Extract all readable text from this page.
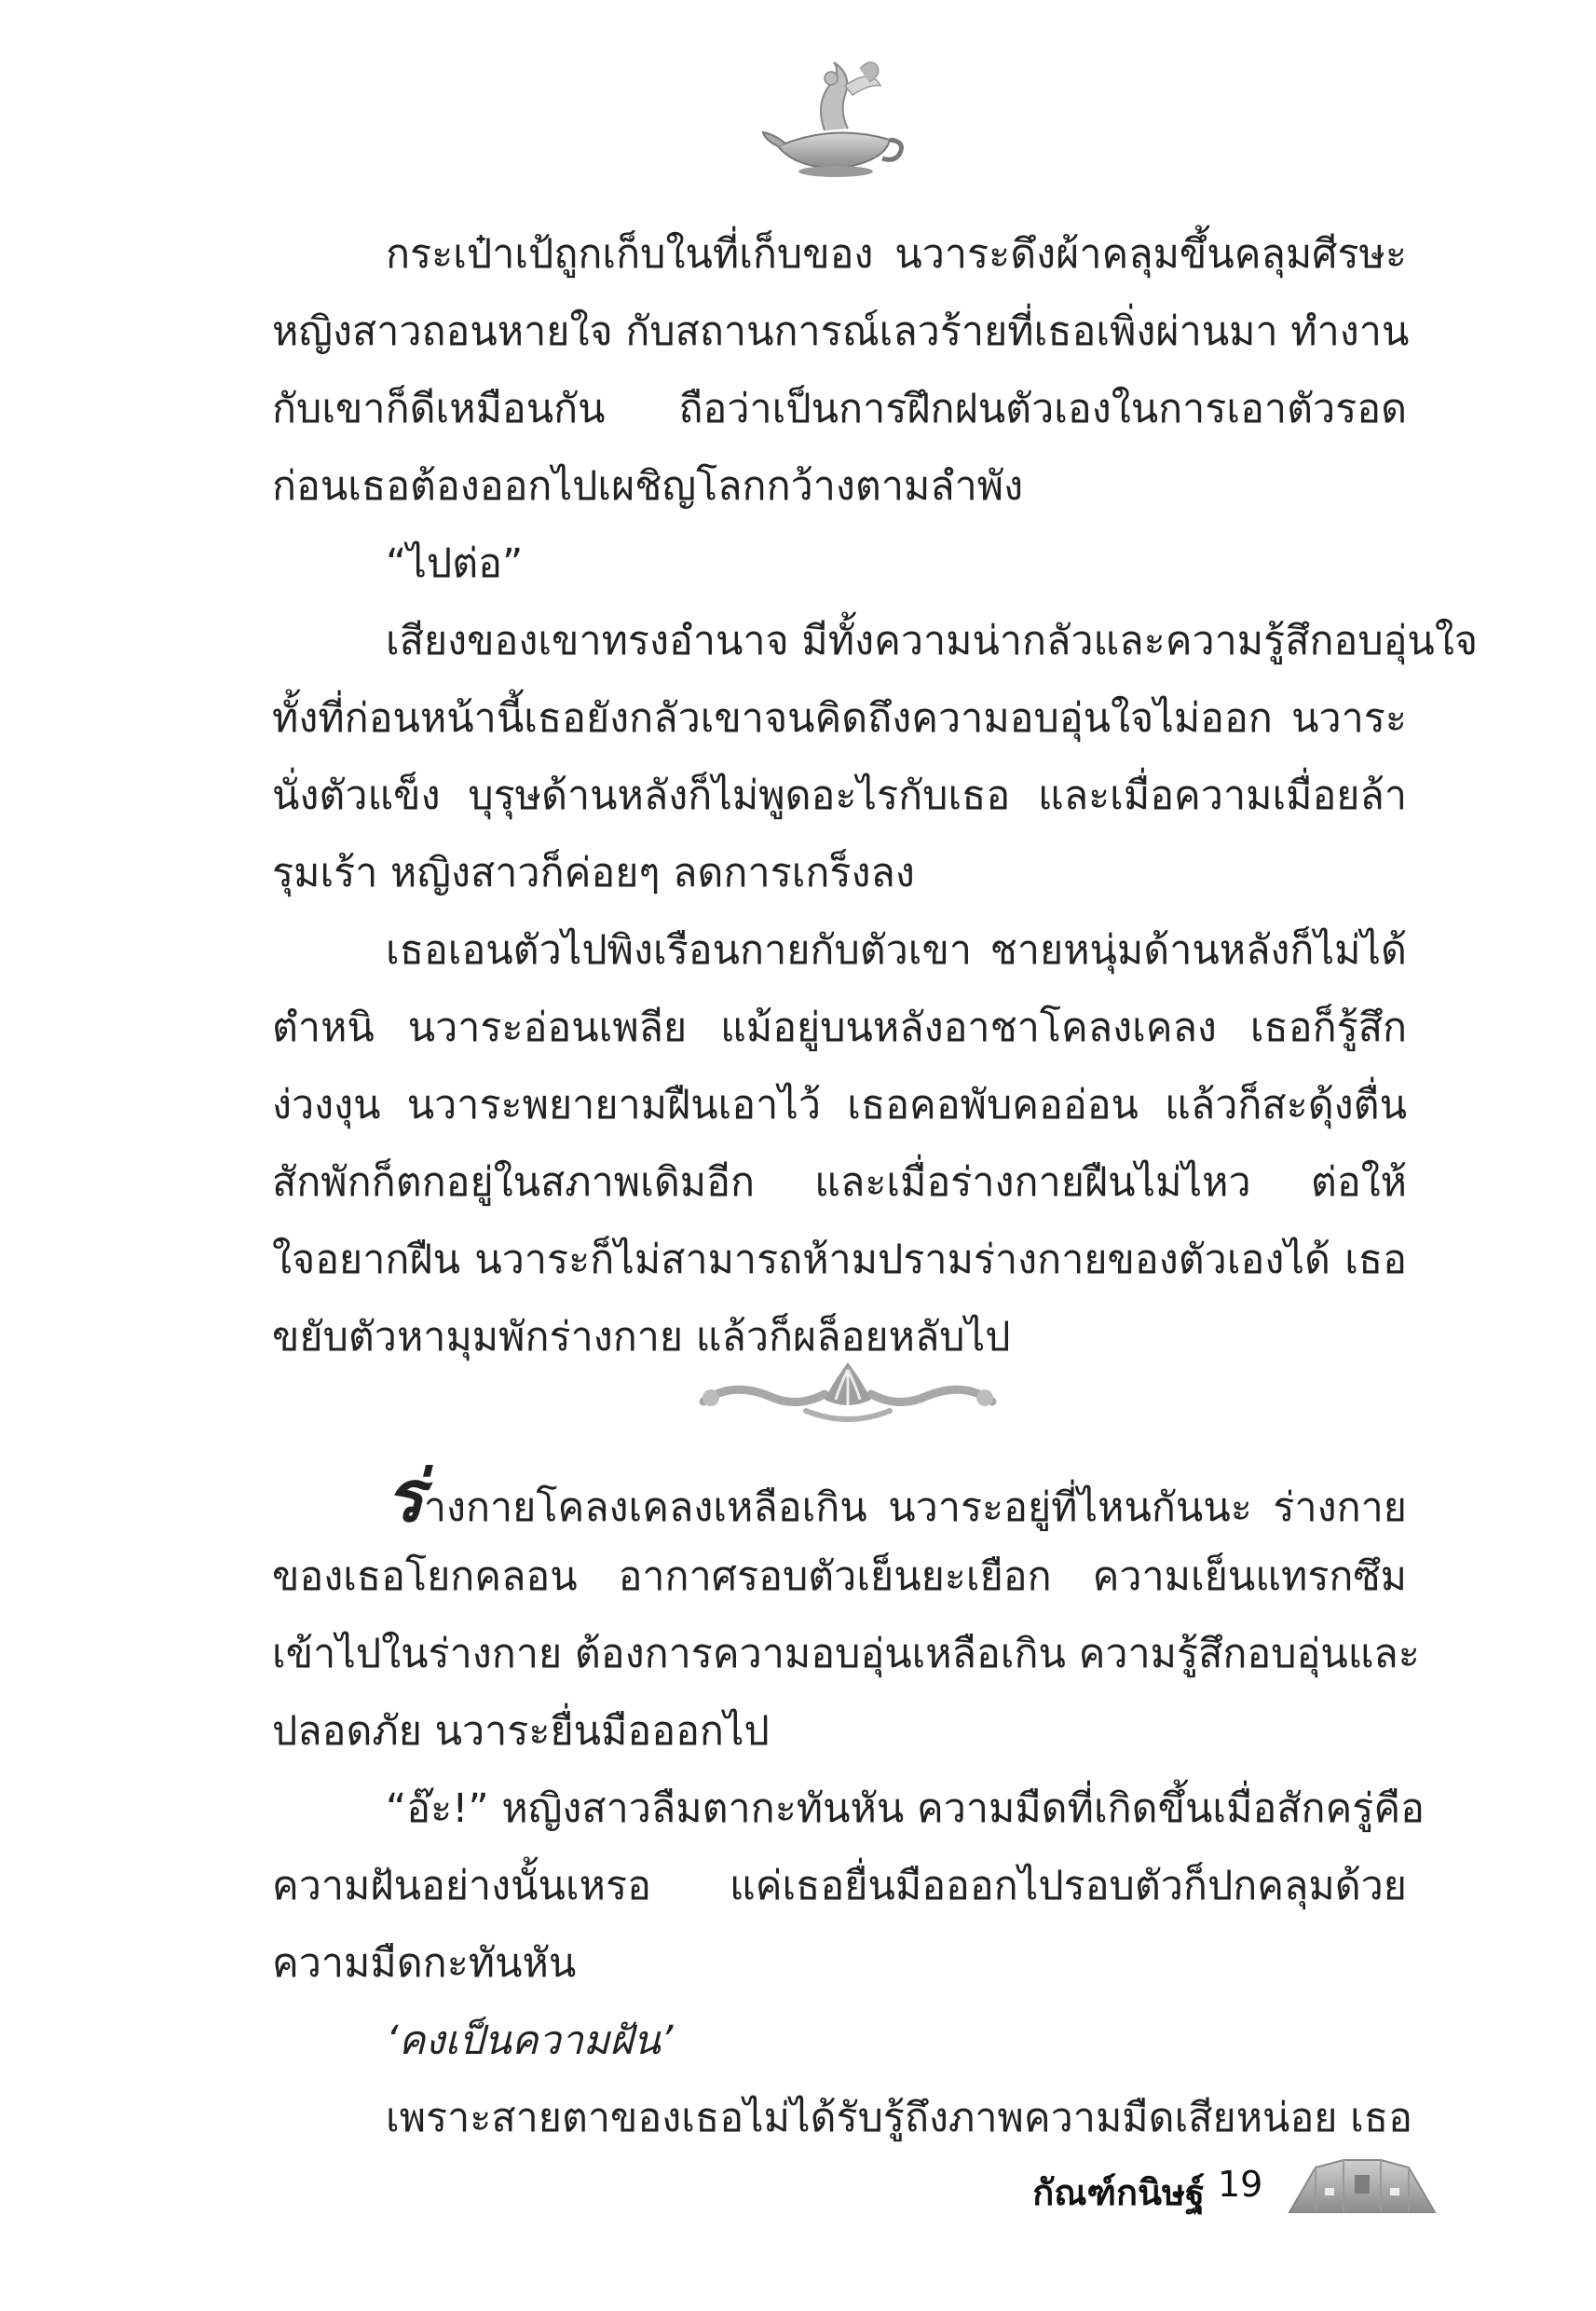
กระเป๋าเป้ถูกเก็บในที่เก็บของ นวาระดึงผ้าคลุมขึ้นคลุมศีรษะ
หญิงสาวถอนหายใจ กับสถานการณ์เลวร้ายที่เธอเพิ่งผ่านมา ทำงาน
กับเขาก็ดีเหมือนกัน ถือว่าเป็นการฝึกฝนตัวเองในการเอาตัวรอด
ก่อนเธอต้องออกไปเผชิญโลกกว้างตามลำพัง
“ไปต่อ”
เสียงของเขาทรงอำนาจ มีทั้งความน่ากลัวและความรู้สึกอบอุ่นใจ
ทั้งที่ก่อนหน้านี้เธอยังกลัวเขาจนคิดถึงความอบอุ่นใจไม่ออก นวาระ
นั่งตัวแข็ง บุรุษด้านหลังก็ไม่พูดอะไรกับเธอ และเมื่อความเมื่อยล้า
รุมเร้า หญิงสาวก็ค่อยๆ ลดการเกร็งลง
เธอเอนตัวไปพิงเรือนกายกับตัวเขา ชายหนุ่มด้านหลังก็ไม่ได้
ตำหนิ นวาระอ่อนเพลีย แม้อยู่บนหลังอาชาโคลงเคลง เธอก็รู้สึก
ง่วงงุน นวาระพยายามฝืนเอาไว้ เธอคอพับคออ่อน แล้วก็สะดุ้งตื่น
สักพักก็ตกอยู่ในสภาพเดิมอีก และเมื่อร่างกายฝืนไม่ไหว ต่อให้
ใจอยากฝืน นวาระก็ไม่สามารถห้ามปรามร่างกายของตัวเองได้ เธอ
ขยับตัวหามุมพักร่างกาย แล้วก็ผล็อยหลับไป
ร่างกายโคลงเคลงเหลือเกิน นวาระอยู่ที่ไหนกันนะ ร่างกาย
ของเธอโยกคลอน อากาศรอบตัวเย็นยะเยือก ความเย็นแทรกซึม
เข้าไปในร่างกาย ต้องการความอบอุ่นเหลือเกิน ความรู้สึกอบอุ่นและ
ปลอดภัย นวาระยื่นมือออกไป
“อ๊ะ!” หญิงสาวลืมตากะทันหัน ความมืดที่เกิดขึ้นเมื่อสักครู่คือ
ความฝันอย่างนั้นเหรอ แค่เธอยื่นมือออกไปรอบตัวก็ปกคลุมด้วย
ความมืดกะทันหัน
‘คงเป็นความฝัน’
เพราะสายตาของเธอไม่ได้รับรู้ถึงภาพความมืดเสียหน่อย เธอ
กัณฑ์กนิษฐ์ 19
